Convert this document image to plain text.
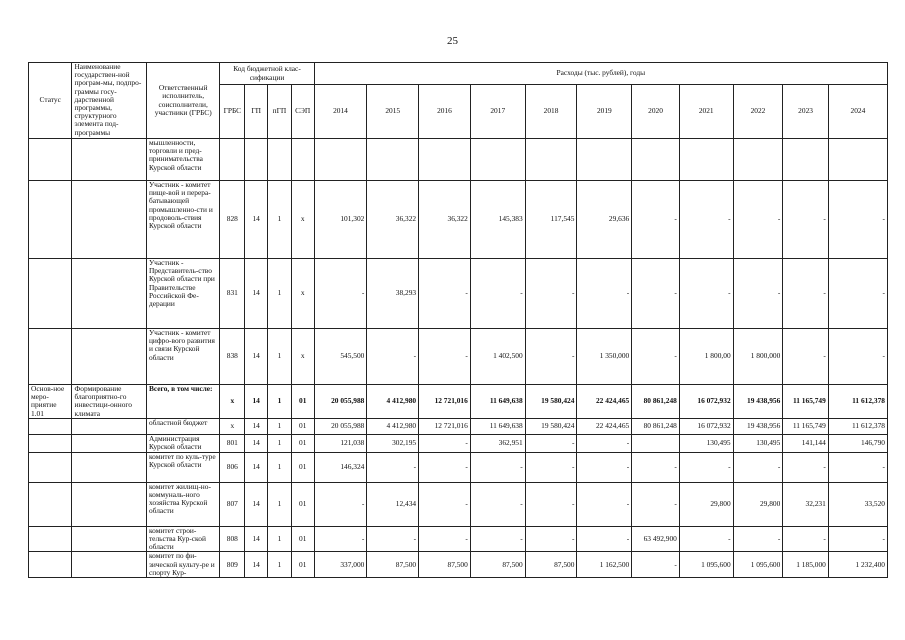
25
Статус	Наименование государствен-ной програм-мы, подпро-граммы госу-дарственной программы, структурного элемента под-программы	Ответственный исполнитель, соисполнители, участники (ГРБС)	Код бюджетной клас-сификации				Расходы (тыс. рублей), годы										
			ГРБС	ГП	пГП	СЭП	2014	2015	2016	2017	2018	2019	2020	2021	2022	2023	2024
		мышленности, торговли и пред-принимательства Курской области															
		Участник - комитет пище-вой и перера-батывающей промышленно-сти и продоволь-ствия Курской области	828	14	1	х	101,302	36,322	36,322	145,383	117,545	29,636	-	-	-	-	-
		Участник - Представитель-ство Курской области при Правительстве Российской Фе-дерации	831	14	1	х	-	38,293	-	-	-	-	-	-	-	-	-
		Участник - комитет цифро-вого развития и связи Курской области	838	14	1	х	545,500	-	-	1 402,500	-	1 350,000	-	1 800,00	1 800,000	-	-
Основ-ное меро-приятие 1.01	Формирование благоприятно-го инвестици-онного климата	Всего, в том числе:	х	14	1	01	20 055,988	4 412,980	12 721,016	11 649,638	19 580,424	22 424,465	80 861,248	16 072,932	19 438,956	11 165,749	11 612,378
		областной бюджет	х	14	1	01	20 055,988	4 412,980	12 721,016	11 649,638	19 580,424	22 424,465	80 861,248	16 072,932	19 438,956	11 165,749	11 612,378
		Администрация Курской области	801	14	1	01	121,038	302,195	-	362,951	-	-		130,495	130,495	141,144	146,790
		комитет по куль-туре Курской области	806	14	1	01	146,324	-	-	-	-	-	-	-	-	-	-
		комитет жилищ-но-коммуналь-ного хозяйства Курской области	807	14	1	01	-	12,434	-	-	-	-	-	29,800	29,800	32,231	33,520
		комитет строи-тельства Кур-ской области	808	14	1	01	-	-	-	-	-	-	63 492,900	-	-	-	-
		комитет по фи-зической культу-ре и спорту Кур-	809	14	1	01	337,000	87,500	87,500	87,500	87,500	1 162,500	-	1 095,600	1 095,600	1 185,000	1 232,400
